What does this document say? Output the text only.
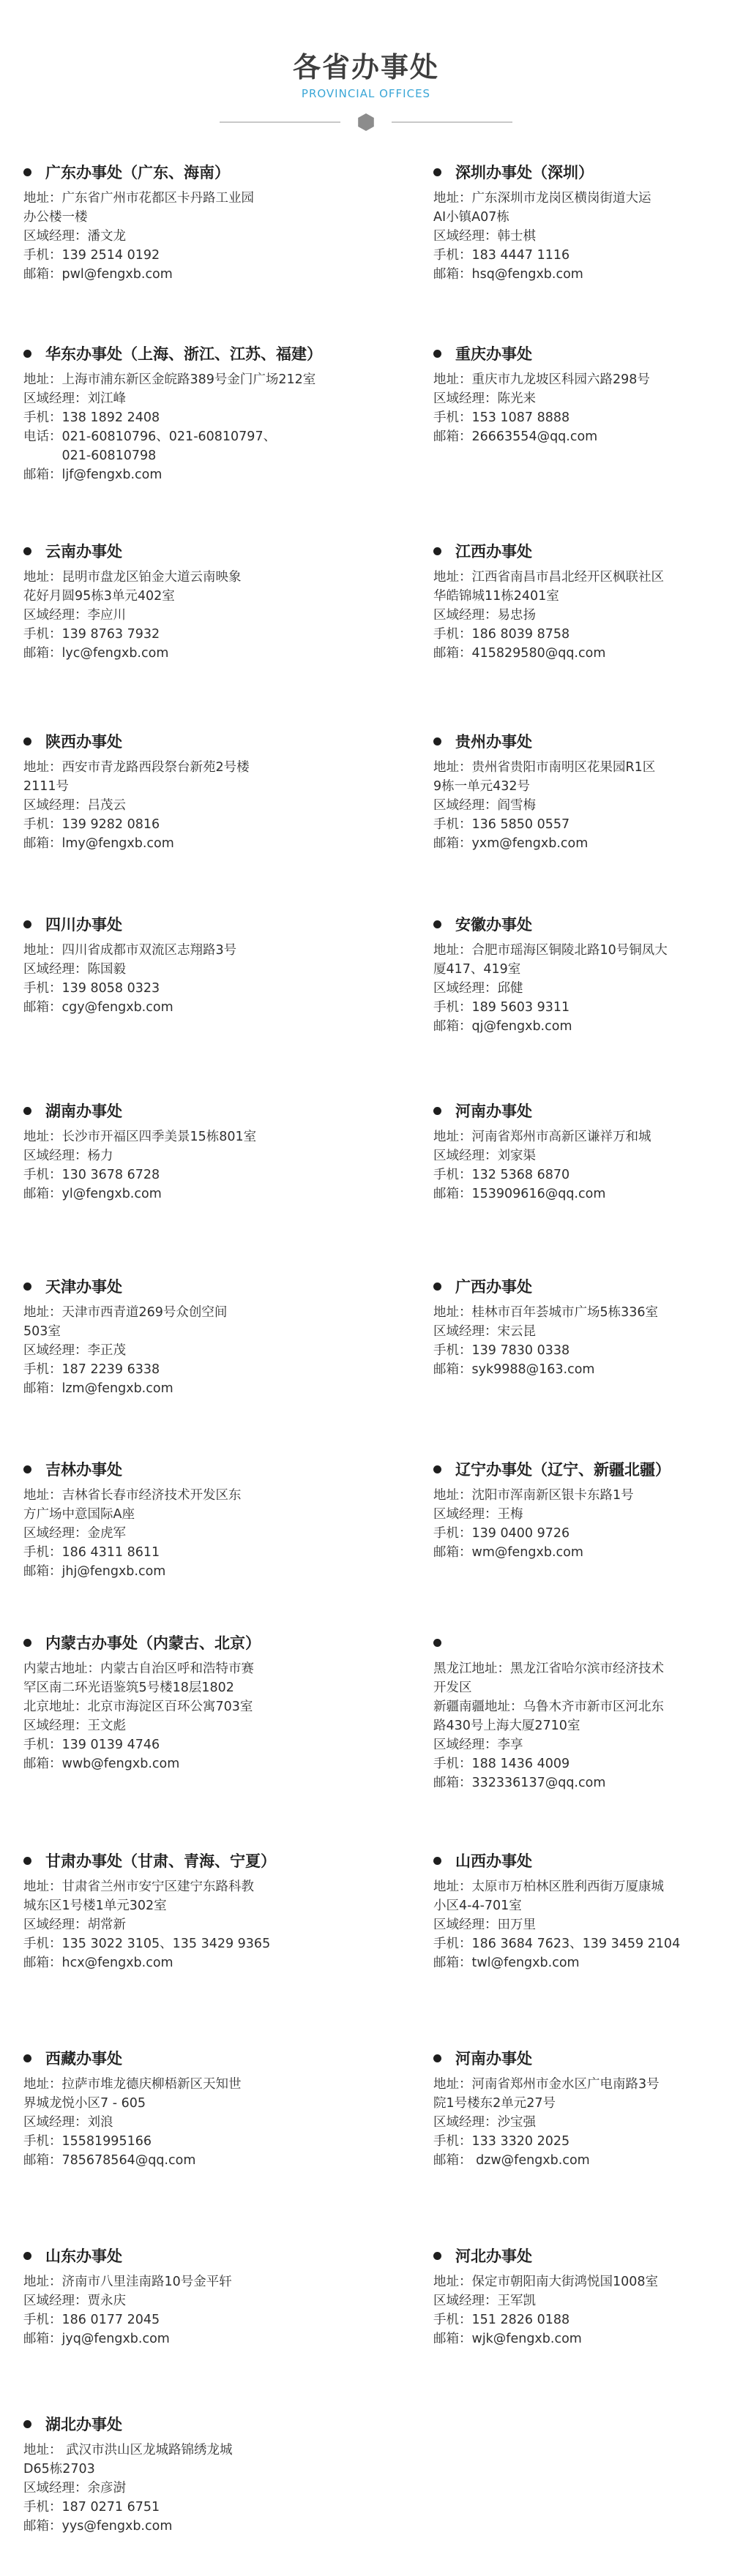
各省办事处
PROVINCIAL OFFICES
广东办事处（广东、海南）
地址：广东省广州市花都区卡丹路工业园
办公楼一楼
区域经理：潘文龙
手机：139 2514 0192
邮箱：pwl@fengxb.com
深圳办事处（深圳）
地址：广东深圳市龙岗区横岗街道大运
AI小镇A07栋
区域经理：韩士棋
手机：183 4447 1116
邮箱：hsq@fengxb.com
华东办事处（上海、浙江、江苏、福建）
地址：上海市浦东新区金皖路389号金门广场212室
区域经理：刘江峰
手机：138 1892 2408
电话：021-60810796、021-60810797、
　　　021-60810798
邮箱：ljf@fengxb.com
重庆办事处
地址：重庆市九龙坡区科园六路298号
区域经理：陈光来
手机：153 1087 8888
邮箱：26663554@qq.com
云南办事处
地址：昆明市盘龙区铂金大道云南映象
花好月圆95栋3单元402室
区域经理：李应川
手机：139 8763 7932
邮箱：lyc@fengxb.com
江西办事处
地址：江西省南昌市昌北经开区枫联社区
华皓锦城11栋2401室
区域经理：易忠扬
手机：186 8039 8758
邮箱：415829580@qq.com
陕西办事处
地址：西安市青龙路西段祭台新苑2号楼
2111号
区域经理：吕茂云
手机：139 9282 0816
邮箱：lmy@fengxb.com
贵州办事处
地址：贵州省贵阳市南明区花果园R1区
9栋一单元432号
区域经理：阎雪梅
手机：136 5850 0557
邮箱：yxm@fengxb.com
四川办事处
地址：四川省成都市双流区志翔路3号
区域经理：陈国毅
手机：139 8058 0323
邮箱：cgy@fengxb.com
安徽办事处
地址：合肥市瑶海区铜陵北路10号铜凤大
厦417、419室
区域经理：邱健
手机：189 5603 9311
邮箱：qj@fengxb.com
湖南办事处
地址：长沙市开福区四季美景15栋801室
区域经理：杨力
手机：130 3678 6728
邮箱：yl@fengxb.com
河南办事处
地址：河南省郑州市高新区谦祥万和城
区域经理：刘家渠
手机：132 5368 6870
邮箱：153909616@qq.com
天津办事处
地址：天津市西青道269号众创空间
503室
区域经理：李正茂
手机：187 2239 6338
邮箱：lzm@fengxb.com
广西办事处
地址：桂林市百年荟城市广场5栋336室
区域经理：宋云昆
手机：139 7830 0338
邮箱：syk9988@163.com
吉林办事处
地址：吉林省长春市经济技术开发区东
方广场中意国际A座
区域经理：金虎军
手机：186 4311 8611
邮箱：jhj@fengxb.com
辽宁办事处（辽宁、新疆北疆）
地址：沈阳市浑南新区银卡东路1号
区域经理：王梅
手机：139 0400 9726
邮箱：wm@fengxb.com
内蒙古办事处（内蒙古、北京）
内蒙古地址：内蒙古自治区呼和浩特市赛
罕区南二环光语鉴筑5号楼18层1802
北京地址：北京市海淀区百环公寓703室
区域经理：王文彪
手机：139 0139 4746
邮箱：wwb@fengxb.com
黑龙江地址：黑龙江省哈尔滨市经济技术
开发区
新疆南疆地址：乌鲁木齐市新市区河北东
路430号上海大厦2710室
区域经理：李享
手机：188 1436 4009
邮箱：332336137@qq.com
甘肃办事处（甘肃、青海、宁夏）
地址：甘肃省兰州市安宁区建宁东路科教
城东区1号楼1单元302室
区域经理：胡常新
手机：135 3022 3105、135 3429 9365
邮箱：hcx@fengxb.com
山西办事处
地址：太原市万柏林区胜利西街万厦康城
小区4-4-701室
区域经理：田万里
手机：186 3684 7623、139 3459 2104
邮箱：twl@fengxb.com
西藏办事处
地址：拉萨市堆龙德庆柳梧新区天知世
界城龙悦小区7 - 605
区域经理：刘浪
手机：15581995166
邮箱：785678564@qq.com
河南办事处
地址：河南省郑州市金水区广电南路3号
院1号楼东2单元27号
区域经理：沙宝强
手机：133 3320 2025
邮箱： dzw@fengxb.com
山东办事处
地址：济南市八里洼南路10号金平轩
区域经理：贾永庆
手机：186 0177 2045
邮箱：jyq@fengxb.com
河北办事处
地址：保定市朝阳南大街鸿悦国1008室
区域经理：王军凯
手机：151 2826 0188
邮箱：wjk@fengxb.com
湖北办事处
地址： 武汉市洪山区龙城路锦绣龙城
D65栋2703
区域经理：余彦澍
手机：187 0271 6751
邮箱：yys@fengxb.com
